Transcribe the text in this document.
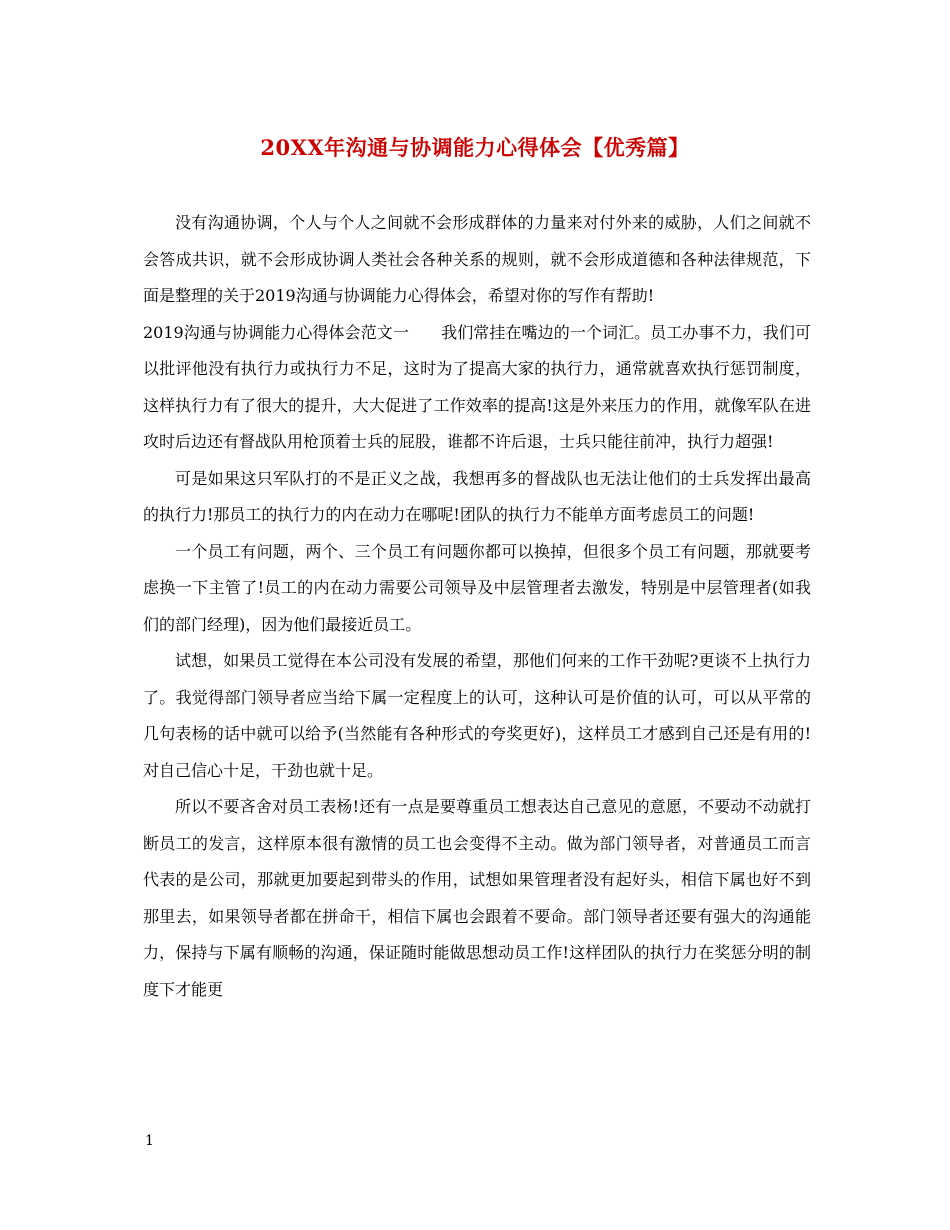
20XX年沟通与协调能力心得体会【优秀篇】

没有沟通协调，个人与个人之间就不会形成群体的力量来对付外来的威胁，人们之间就不会答成共识，就不会形成协调人类社会各种关系的规则，就不会形成道德和各种法律规范，下面是整理的关于2019沟通与协调能力心得体会，希望对你的写作有帮助!

2019沟通与协调能力心得体会范文一　　我们常挂在嘴边的一个词汇。员工办事不力，我们可以批评他没有执行力或执行力不足，这时为了提高大家的执行力，通常就喜欢执行惩罚制度，这样执行力有了很大的提升，大大促进了工作效率的提高!这是外来压力的作用，就像军队在进攻时后边还有督战队用枪顶着士兵的屁股，谁都不许后退，士兵只能往前冲，执行力超强!

可是如果这只军队打的不是正义之战，我想再多的督战队也无法让他们的士兵发挥出最高的执行力!那员工的执行力的内在动力在哪呢!团队的执行力不能单方面考虑员工的问题!

一个员工有问题，两个、三个员工有问题你都可以换掉，但很多个员工有问题，那就要考虑换一下主管了!员工的内在动力需要公司领导及中层管理者去激发，特别是中层管理者(如我们的部门经理)，因为他们最接近员工。

试想，如果员工觉得在本公司没有发展的希望，那他们何来的工作干劲呢?更谈不上执行力了。我觉得部门领导者应当给下属一定程度上的认可，这种认可是价值的认可，可以从平常的几句表杨的话中就可以给予(当然能有各种形式的夸奖更好)，这样员工才感到自己还是有用的!对自己信心十足，干劲也就十足。

所以不要吝舍对员工表杨!还有一点是要尊重员工想表达自己意见的意愿，不要动不动就打断员工的发言，这样原本很有激情的员工也会变得不主动。做为部门领导者，对普通员工而言代表的是公司，那就更加要起到带头的作用，试想如果管理者没有起好头，相信下属也好不到那里去，如果领导者都在拼命干，相信下属也会跟着不要命。部门领导者还要有强大的沟通能力，保持与下属有顺畅的沟通，保证随时能做思想动员工作!这样团队的执行力在奖惩分明的制度下才能更

1
